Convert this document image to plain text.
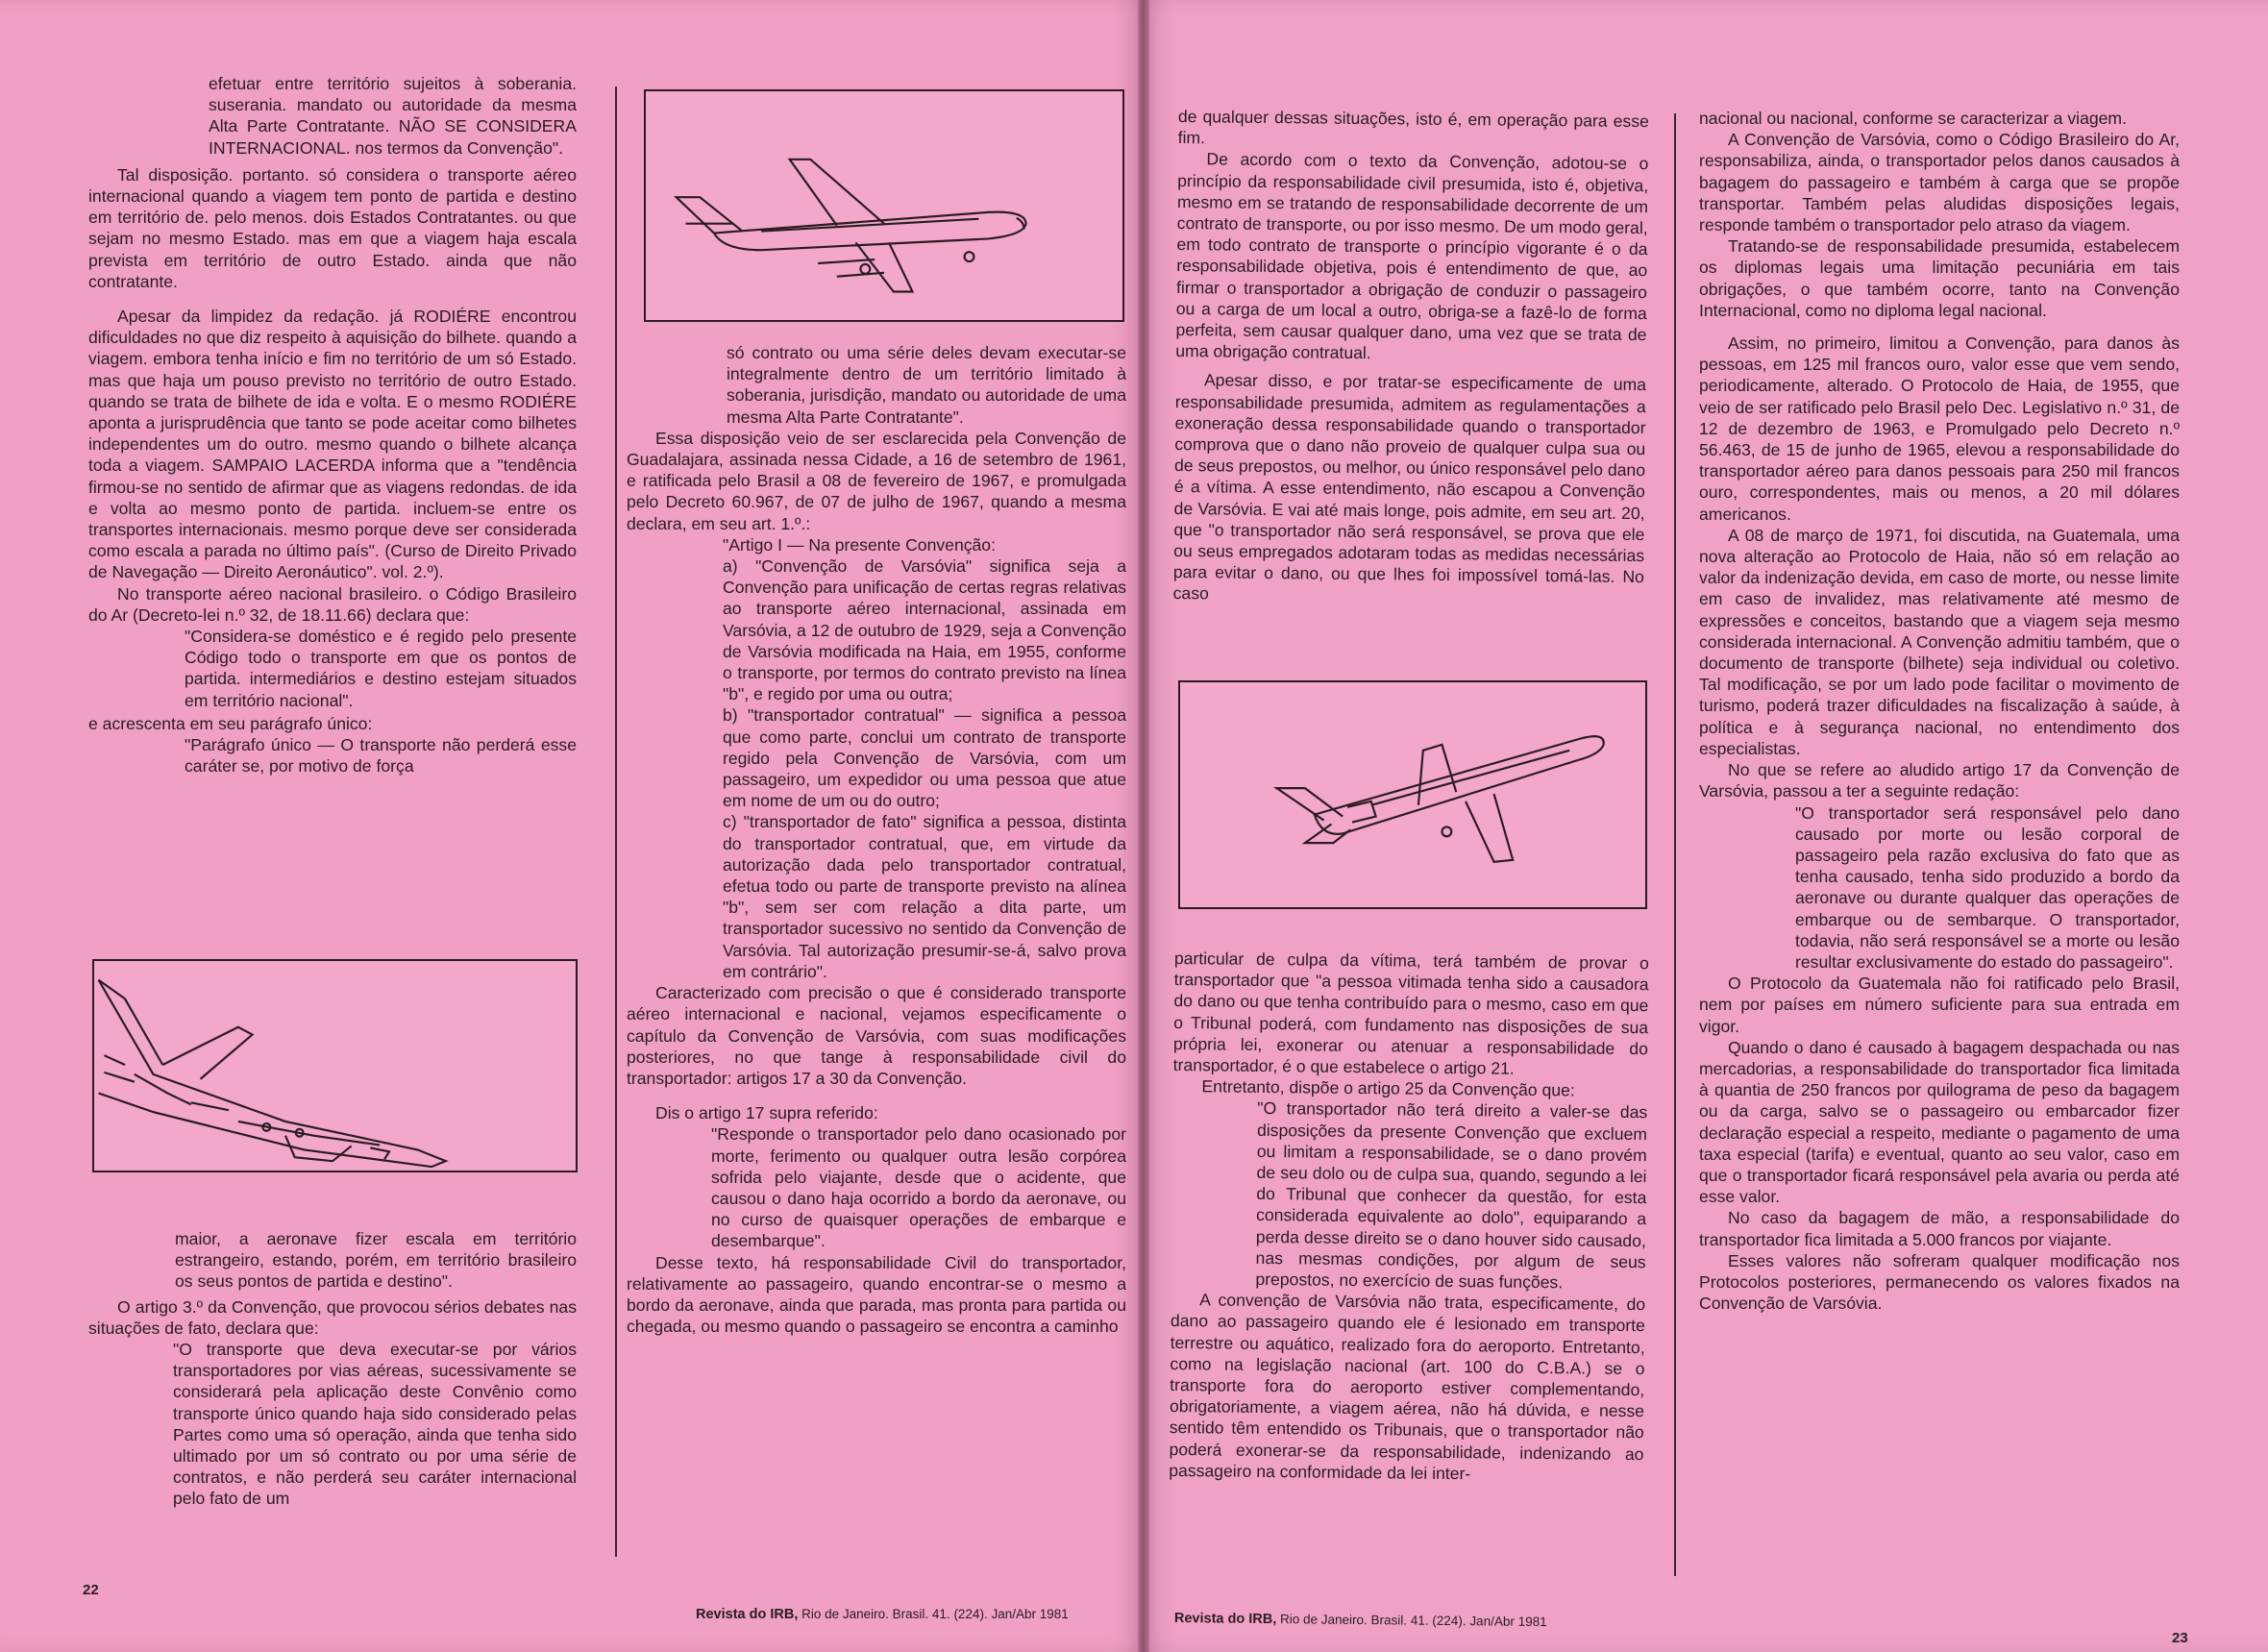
efetuar entre território sujeitos à soberania. suserania. mandato ou autoridade da mesma Alta Parte Contratante. NÃO SE CONSIDERA INTERNACIONAL. nos termos da Convenção".

Tal disposição. portanto. só considera o transporte aéreo internacional quando a viagem tem ponto de partida e destino em território de. pelo menos. dois Estados Contratantes. ou que sejam no mesmo Estado. mas em que a viagem haja escala prevista em território de outro Estado. ainda que não contratante.

Apesar da limpidez da redação. já RODIÉRE encontrou dificuldades no que diz respeito à aquisição do bilhete. quando a viagem. embora tenha início e fim no território de um só Estado. mas que haja um pouso previsto no território de outro Estado. quando se trata de bilhete de ida e volta. E o mesmo RODIÉRE aponta a jurisprudência que tanto se pode aceitar como bilhetes independentes um do outro. mesmo quando o bilhete alcança toda a viagem. SAMPAIO LACERDA informa que a "tendência firmou-se no sentido de afirmar que as viagens redondas. de ida e volta ao mesmo ponto de partida. incluem-se entre os transportes internacionais. mesmo porque deve ser considerada como escala a parada no último país". (Curso de Direito Privado de Navegação — Direito Aeronáutico". vol. 2.º).

No transporte aéreo nacional brasileiro. o Código Brasileiro do Ar (Decreto-lei n.º 32, de 18.11.66) declara que:

"Considera-se doméstico e é regido pelo presente Código todo o transporte em que os pontos de partida. intermediários e destino estejam situados em território nacional".

e acrescenta em seu parágrafo único:

"Parágrafo único — O transporte não perderá esse caráter se, por motivo de força

maior, a aeronave fizer escala em território estrangeiro, estando, porém, em território brasileiro os seus pontos de partida e destino".

O artigo 3.º da Convenção, que provocou sérios debates nas situações de fato, declara que:

"O transporte que deva executar-se por vários transportadores por vias aéreas, sucessivamente se considerará pela aplicação deste Convênio como transporte único quando haja sido considerado pelas Partes como uma só operação, ainda que tenha sido ultimado por um só contrato ou por uma série de contratos, e não perderá seu caráter internacional pelo fato de um

só contrato ou uma série deles devam executar-se integralmente dentro de um território limitado à soberania, jurisdição, mandato ou autoridade de uma mesma Alta Parte Contratante".

Essa disposição veio de ser esclarecida pela Convenção de Guadalajara, assinada nessa Cidade, a 16 de setembro de 1961, e ratificada pelo Brasil a 08 de fevereiro de 1967, e promulgada pelo Decreto 60.967, de 07 de julho de 1967, quando a mesma declara, em seu art. 1.º.:

"Artigo I — Na presente Convenção:

a) "Convenção de Varsóvia" significa seja a Convenção para unificação de certas regras relativas ao transporte aéreo internacional, assinada em Varsóvia, a 12 de outubro de 1929, seja a Convenção de Varsóvia modificada na Haia, em 1955, conforme o transporte, por termos do contrato previsto na línea "b", e regido por uma ou outra;

b) "transportador contratual" — significa a pessoa que como parte, conclui um contrato de transporte regido pela Convenção de Varsóvia, com um passageiro, um expedidor ou uma pessoa que atue em nome de um ou do outro;

c) "transportador de fato" significa a pessoa, distinta do transportador contratual, que, em virtude da autorização dada pelo transportador contratual, efetua todo ou parte de transporte previsto na alínea "b", sem ser com relação a dita parte, um transportador sucessivo no sentido da Convenção de Varsóvia. Tal autorização presumir-se-á, salvo prova em contrário".

Caracterizado com precisão o que é considerado transporte aéreo internacional e nacional, vejamos especificamente o capítulo da Convenção de Varsóvia, com suas modificações posteriores, no que tange à responsabilidade civil do transportador: artigos 17 a 30 da Convenção.

Dis o artigo 17 supra referido:

"Responde o transportador pelo dano ocasionado por morte, ferimento ou qualquer outra lesão corpórea sofrida pelo viajante, desde que o acidente, que causou o dano haja ocorrido a bordo da aeronave, ou no curso de quaisquer operações de embarque e desembarque".

Desse texto, há responsabilidade Civil do transportador, relativamente ao passageiro, quando encontrar-se o mesmo a bordo da aeronave, ainda que parada, mas pronta para partida ou chegada, ou mesmo quando o passageiro se encontra a caminho

22
Revista do IRB, Rio de Janeiro. Brasil. 41. (224). Jan/Abr 1981

de qualquer dessas situações, isto é, em operação para esse fim.

De acordo com o texto da Convenção, adotou-se o princípio da responsabilidade civil presumida, isto é, objetiva, mesmo em se tratando de responsabilidade decorrente de um contrato de transporte, ou por isso mesmo. De um modo geral, em todo contrato de transporte o princípio vigorante é o da responsabilidade objetiva, pois é entendimento de que, ao firmar o transportador a obrigação de conduzir o passageiro ou a carga de um local a outro, obriga-se a fazê-lo de forma perfeita, sem causar qualquer dano, uma vez que se trata de uma obrigação contratual.

Apesar disso, e por tratar-se especificamente de uma responsabilidade presumida, admitem as regulamentações a exoneração dessa responsabilidade quando o transportador comprova que o dano não proveio de qualquer culpa sua ou de seus prepostos, ou melhor, ou único responsável pelo dano é a vítima. A esse entendimento, não escapou a Convenção de Varsóvia. E vai até mais longe, pois admite, em seu art. 20, que "o transportador não será responsável, se prova que ele ou seus empregados adotaram todas as medidas necessárias para evitar o dano, ou que lhes foi impossível tomá-las. No caso

particular de culpa da vítima, terá também de provar o transportador que "a pessoa vitimada tenha sido a causadora do dano ou que tenha contribuído para o mesmo, caso em que o Tribunal poderá, com fundamento nas disposições de sua própria lei, exonerar ou atenuar a responsabilidade do transportador, é o que estabelece o artigo 21.

Entretanto, dispõe o artigo 25 da Convenção que:

"O transportador não terá direito a valer-se das disposições da presente Convenção que excluem ou limitam a responsabilidade, se o dano provém de seu dolo ou de culpa sua, quando, segundo a lei do Tribunal que conhecer da questão, for esta considerada equivalente ao dolo", equiparando a perda desse direito se o dano houver sido causado, nas mesmas condições, por algum de seus prepostos, no exercício de suas funções.

A convenção de Varsóvia não trata, especificamente, do dano ao passageiro quando ele é lesionado em transporte terrestre ou aquático, realizado fora do aeroporto. Entretanto, como na legislação nacional (art. 100 do C.B.A.) se o transporte fora do aeroporto estiver complementando, obrigatoriamente, a viagem aérea, não há dúvida, e nesse sentido têm entendido os Tribunais, que o transportador não poderá exonerar-se da responsabilidade, indenizando ao passageiro na conformidade da lei inter-

nacional ou nacional, conforme se caracterizar a viagem.

A Convenção de Varsóvia, como o Código Brasileiro do Ar, responsabiliza, ainda, o transportador pelos danos causados à bagagem do passageiro e também à carga que se propõe transportar. Também pelas aludidas disposições legais, responde também o transportador pelo atraso da viagem.

Tratando-se de responsabilidade presumida, estabelecem os diplomas legais uma limitação pecuniária em tais obrigações, o que também ocorre, tanto na Convenção Internacional, como no diploma legal nacional.

Assim, no primeiro, limitou a Convenção, para danos às pessoas, em 125 mil francos ouro, valor esse que vem sendo, periodicamente, alterado. O Protocolo de Haia, de 1955, que veio de ser ratificado pelo Brasil pelo Dec. Legislativo n.º 31, de 12 de dezembro de 1963, e Promulgado pelo Decreto n.º 56.463, de 15 de junho de 1965, elevou a responsabilidade do transportador aéreo para danos pessoais para 250 mil francos ouro, correspondentes, mais ou menos, a 20 mil dólares americanos.

A 08 de março de 1971, foi discutida, na Guatemala, uma nova alteração ao Protocolo de Haia, não só em relação ao valor da indenização devida, em caso de morte, ou nesse limite em caso de invalidez, mas relativamente até mesmo de expressões e conceitos, bastando que a viagem seja mesmo considerada internacional. A Convenção admitiu também, que o documento de transporte (bilhete) seja individual ou coletivo. Tal modificação, se por um lado pode facilitar o movimento de turismo, poderá trazer dificuldades na fiscalização à saúde, à política e à segurança nacional, no entendimento dos especialistas.

No que se refere ao aludido artigo 17 da Convenção de Varsóvia, passou a ter a seguinte redação:

"O transportador será responsável pelo dano causado por morte ou lesão corporal de passageiro pela razão exclusiva do fato que as tenha causado, tenha sido produzido a bordo da aeronave ou durante qualquer das operações de embarque ou de sembarque. O transportador, todavia, não será responsável se a morte ou lesão resultar exclusivamente do estado do passageiro".

O Protocolo da Guatemala não foi ratificado pelo Brasil, nem por países em número suficiente para sua entrada em vigor.

Quando o dano é causado à bagagem despachada ou nas mercadorias, a responsabilidade do transportador fica limitada à quantia de 250 francos por quilograma de peso da bagagem ou da carga, salvo se o passageiro ou embarcador fizer declaração especial a respeito, mediante o pagamento de uma taxa especial (tarifa) e eventual, quanto ao seu valor, caso em que o transportador ficará responsável pela avaria ou perda até esse valor.

No caso da bagagem de mão, a responsabilidade do transportador fica limitada a 5.000 francos por viajante.

Esses valores não sofreram qualquer modificação nos Protocolos posteriores, permanecendo os valores fixados na Convenção de Varsóvia.

Revista do IRB, Rio de Janeiro. Brasil. 41. (224). Jan/Abr 1981
23
